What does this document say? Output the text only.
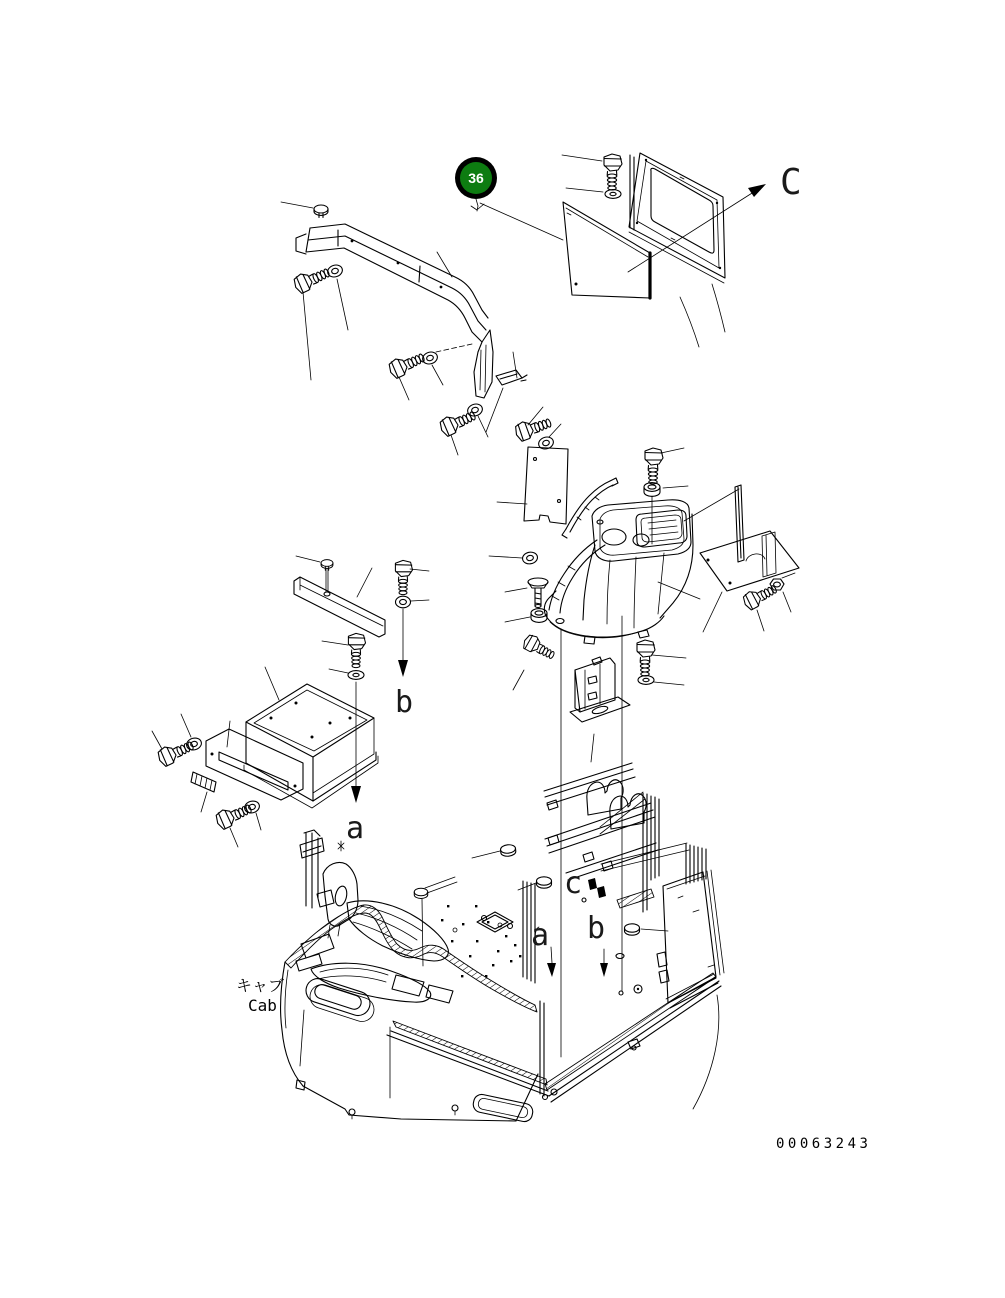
36	C
b
a
c
a b
キャブ
Cab
00063243
